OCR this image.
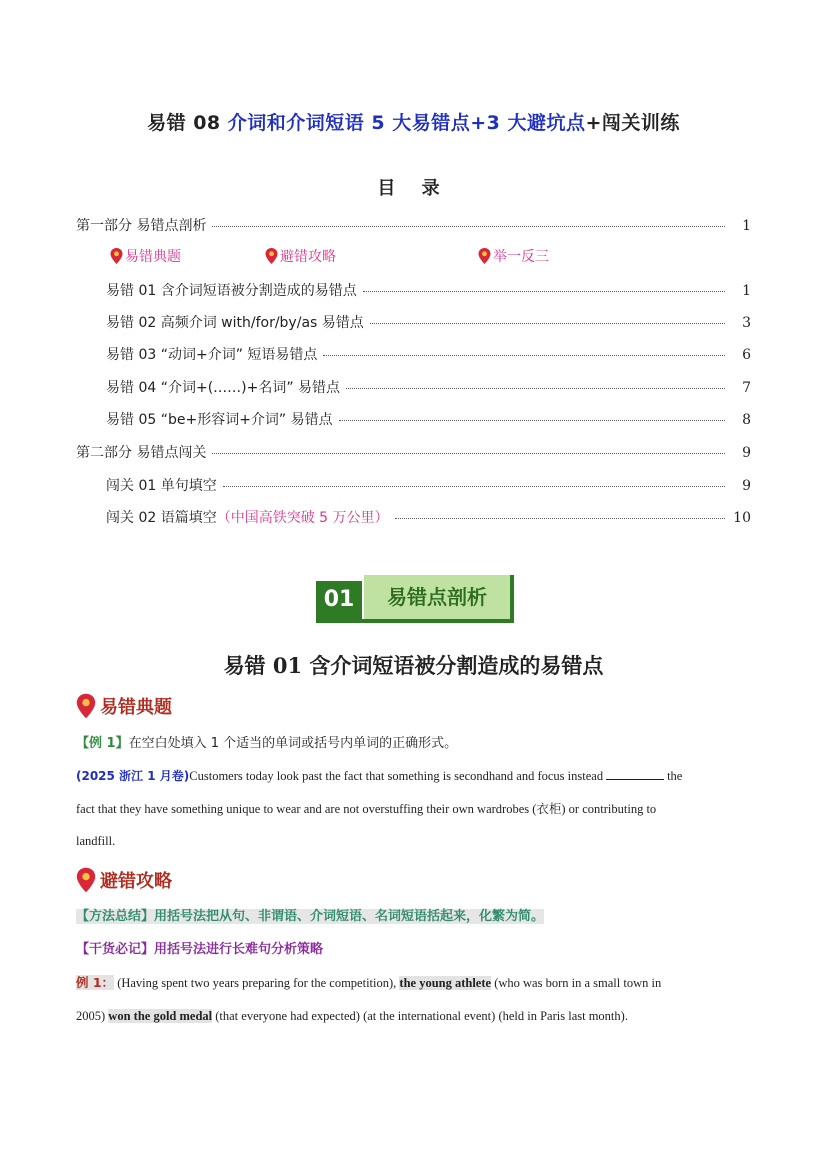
易错 08 介词和介词短语 5 大易错点+3 大避坑点+闯关训练
目 录
第一部分 易错点剖析	1
易错典题	避错攻略	举一反三
易错 01 含介词短语被分割造成的易错点	1
易错 02 高频介词 with/for/by/as 易错点	3
易错 03 “动词+介词” 短语易错点	6
易错 04 “介词+(……)+名词” 易错点	7
易错 05 “be+形容词+介词” 易错点	8
第二部分 易错点闯关	9
闯关 01 单句填空	9
闯关 02 语篇填空 （中国高铁突破 5 万公里）	10
01	易错点剖析
易错 01 含介词短语被分割造成的易错点
易错典题
【例 1】在空白处填入 1 个适当的单词或括号内单词的正确形式。
(2025 浙江 1 月卷)Customers today look past the fact that something is secondhand and focus instead	the
fact that they have something unique to wear and are not overstuffing their own wardrobes (衣柜) or contributing to
landfill.
避错攻略
【方法总结】用括号法把从句、非谓语、介词短语、名词短语括起来，化繁为简。
【干货必记】用括号法进行长难句分析策略
例 1： (Having spent two years preparing for the competition), the young athlete (who was born in a small town in
2005) won the gold medal (that everyone had expected) (at the international event) (held in Paris last month).
